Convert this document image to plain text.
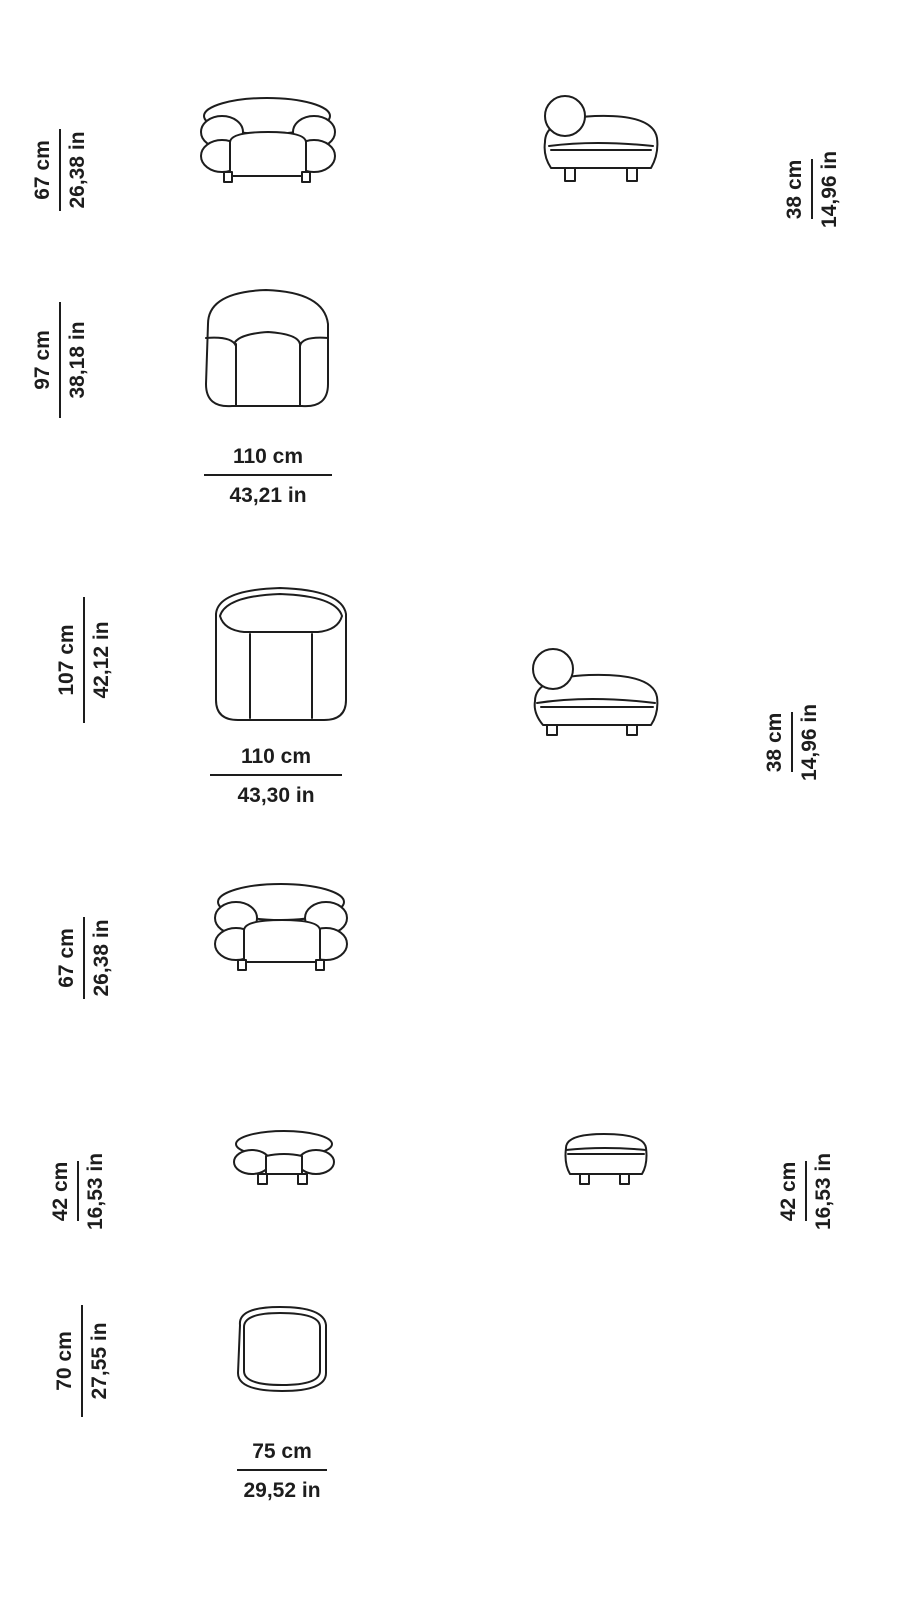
67 cm 26,38 in
97 cm 38,18 in
38 cm 14,96 in
107 cm 42,12 in
38 cm 14,96 in
67 cm 26,38 in
42 cm 16,53 in	42 cm 16,53 in
70 cm 27,55 in
110 cm
43,21 in
110 cm
43,30 in
75 cm
29,52 in
